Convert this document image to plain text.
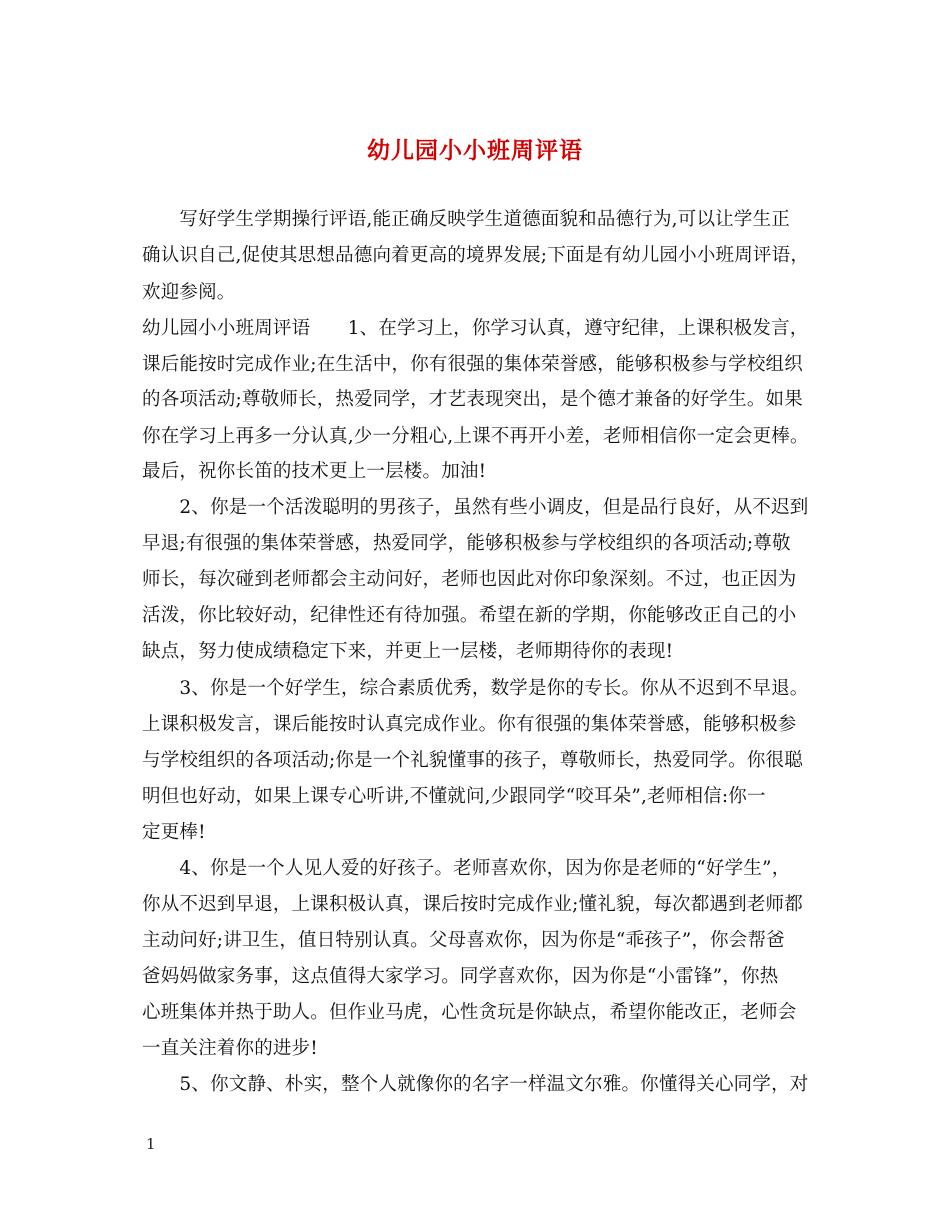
幼儿园小小班周评语

　　写好学生学期操行评语,能正确反映学生道德面貌和品德行为,可以让学生正

确认识自己,促使其思想品德向着更高的境界发展;下面是有幼儿园小小班周评语，

欢迎参阅。

幼儿园小小班周评语　　1、在学习上，你学习认真，遵守纪律，上课积极发言，

课后能按时完成作业;在生活中，你有很强的集体荣誉感，能够积极参与学校组织

的各项活动;尊敬师长，热爱同学，才艺表现突出，是个德才兼备的好学生。如果

你在学习上再多一分认真,少一分粗心,上课不再开小差，老师相信你一定会更棒。

最后，祝你长笛的技术更上一层楼。加油!

　　2、你是一个活泼聪明的男孩子，虽然有些小调皮，但是品行良好，从不迟到

早退;有很强的集体荣誉感，热爱同学，能够积极参与学校组织的各项活动;尊敬

师长，每次碰到老师都会主动问好，老师也因此对你印象深刻。不过，也正因为

活泼，你比较好动，纪律性还有待加强。希望在新的学期，你能够改正自己的小

缺点，努力使成绩稳定下来，并更上一层楼，老师期待你的表现!

　　3、你是一个好学生，综合素质优秀，数学是你的专长。你从不迟到不早退。

上课积极发言，课后能按时认真完成作业。你有很强的集体荣誉感，能够积极参

与学校组织的各项活动;你是一个礼貌懂事的孩子，尊敬师长，热爱同学。你很聪

明但也好动，如果上课专心听讲,不懂就问,少跟同学“咬耳朵”,老师相信:你一

定更棒!

　　4、你是一个人见人爱的好孩子。老师喜欢你，因为你是老师的“好学生”，

你从不迟到早退，上课积极认真，课后按时完成作业;懂礼貌，每次都遇到老师都

主动问好;讲卫生，值日特别认真。父母喜欢你，因为你是“乖孩子”，你会帮爸

爸妈妈做家务事，这点值得大家学习。同学喜欢你，因为你是“小雷锋”，你热

心班集体并热于助人。但作业马虎，心性贪玩是你缺点，希望你能改正，老师会

一直关注着你的进步!

　　5、你文静、朴实，整个人就像你的名字一样温文尔雅。你懂得关心同学，对

1
